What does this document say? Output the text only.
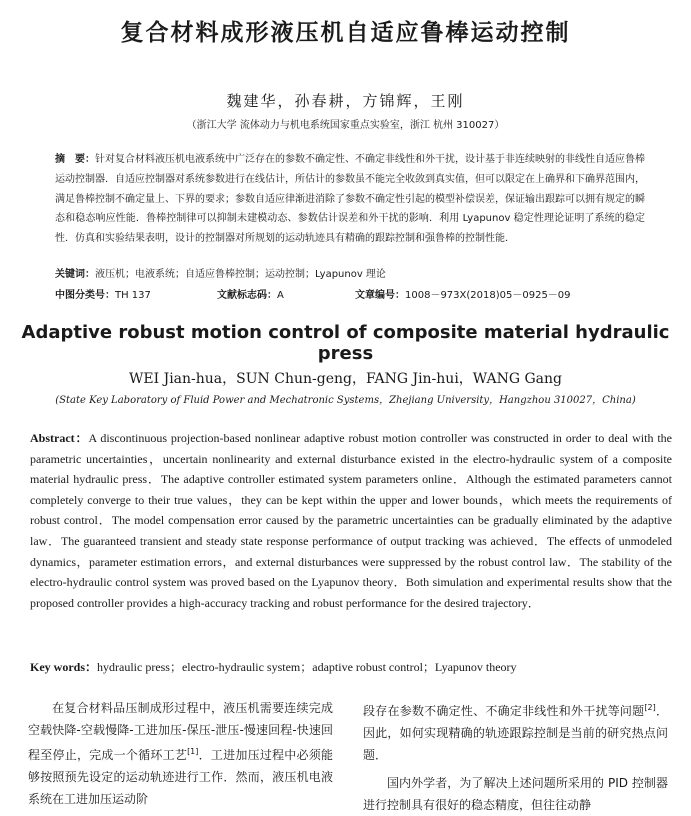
复合材料成形液压机自适应鲁棒运动控制
魏建华，孙春耕，方锦辉，王刚
（浙江大学 流体动力与机电系统国家重点实验室，浙江 杭州 310027）
摘　要：针对复合材料液压机电液系统中广泛存在的参数不确定性、不确定非线性和外干扰，设计基于非连续映射的非线性自适应鲁棒运动控制器．自适应控制器对系统参数进行在线估计，所估计的参数虽不能完全收敛到真实值，但可以限定在上确界和下确界范围内，满足鲁棒控制不确定量上、下界的要求；参数自适应律渐进消除了参数不确定性引起的模型补偿误差，保证输出跟踪可以拥有规定的瞬态和稳态响应性能．鲁棒控制律可以抑制未建模动态、参数估计误差和外干扰的影响．利用 Lyapunov 稳定性理论证明了系统的稳定性．仿真和实验结果表明，设计的控制器对所规划的运动轨迹具有精确的跟踪控制和强鲁棒的控制性能．
关键词：液压机；电液系统；自适应鲁棒控制；运动控制；Lyapunov 理论
中图分类号：TH 137	文献标志码：A	文章编号：1008－973X(2018)05－0925－09
Adaptive robust motion control of composite material hydraulic press
WEI Jian-hua，SUN Chun-geng，FANG Jin-hui，WANG Gang
(State Key Laboratory of Fluid Power and Mechatronic Systems，Zhejiang University，Hangzhou 310027，China)
Abstract：A discontinuous projection-based nonlinear adaptive robust motion controller was constructed in order to deal with the parametric uncertainties，uncertain nonlinearity and external disturbance existed in the electro-hydraulic system of a composite material hydraulic press．The adaptive controller estimated system parameters online．Although the estimated parameters cannot completely converge to their true values，they can be kept within the upper and lower bounds，which meets the requirements of robust control．The model compensation error caused by the parametric uncertainties can be gradually eliminated by the adaptive law．The guaranteed transient and steady state response performance of output tracking was achieved．The effects of unmodeled dynamics，parameter estimation errors，and external disturbances were suppressed by the robust control law．The stability of the electro-hydraulic control system was proved based on the Lyapunov theory．Both simulation and experimental results show that the proposed controller provides a high-accuracy tracking and robust performance for the desired trajectory．
Key words：hydraulic press；electro-hydraulic system；adaptive robust control；Lyapunov theory
在复合材料品压制成形过程中，液压机需要连续完成空载快降-空载慢降-工进加压-保压-泄压-慢速回程-快速回程至停止，完成一个循环工艺[1]．工进加压过程中必须能够按照预先设定的运动轨迹进行工作．然而，液压机电液系统在工进加压运动阶
段存在参数不确定性、不确定非线性和外干扰等问题[2]．因此，如何实现精确的轨迹跟踪控制是当前的研究热点问题．
国内外学者，为了解决上述问题所采用的 PID 控制器进行控制具有很好的稳态精度，但往往动静
